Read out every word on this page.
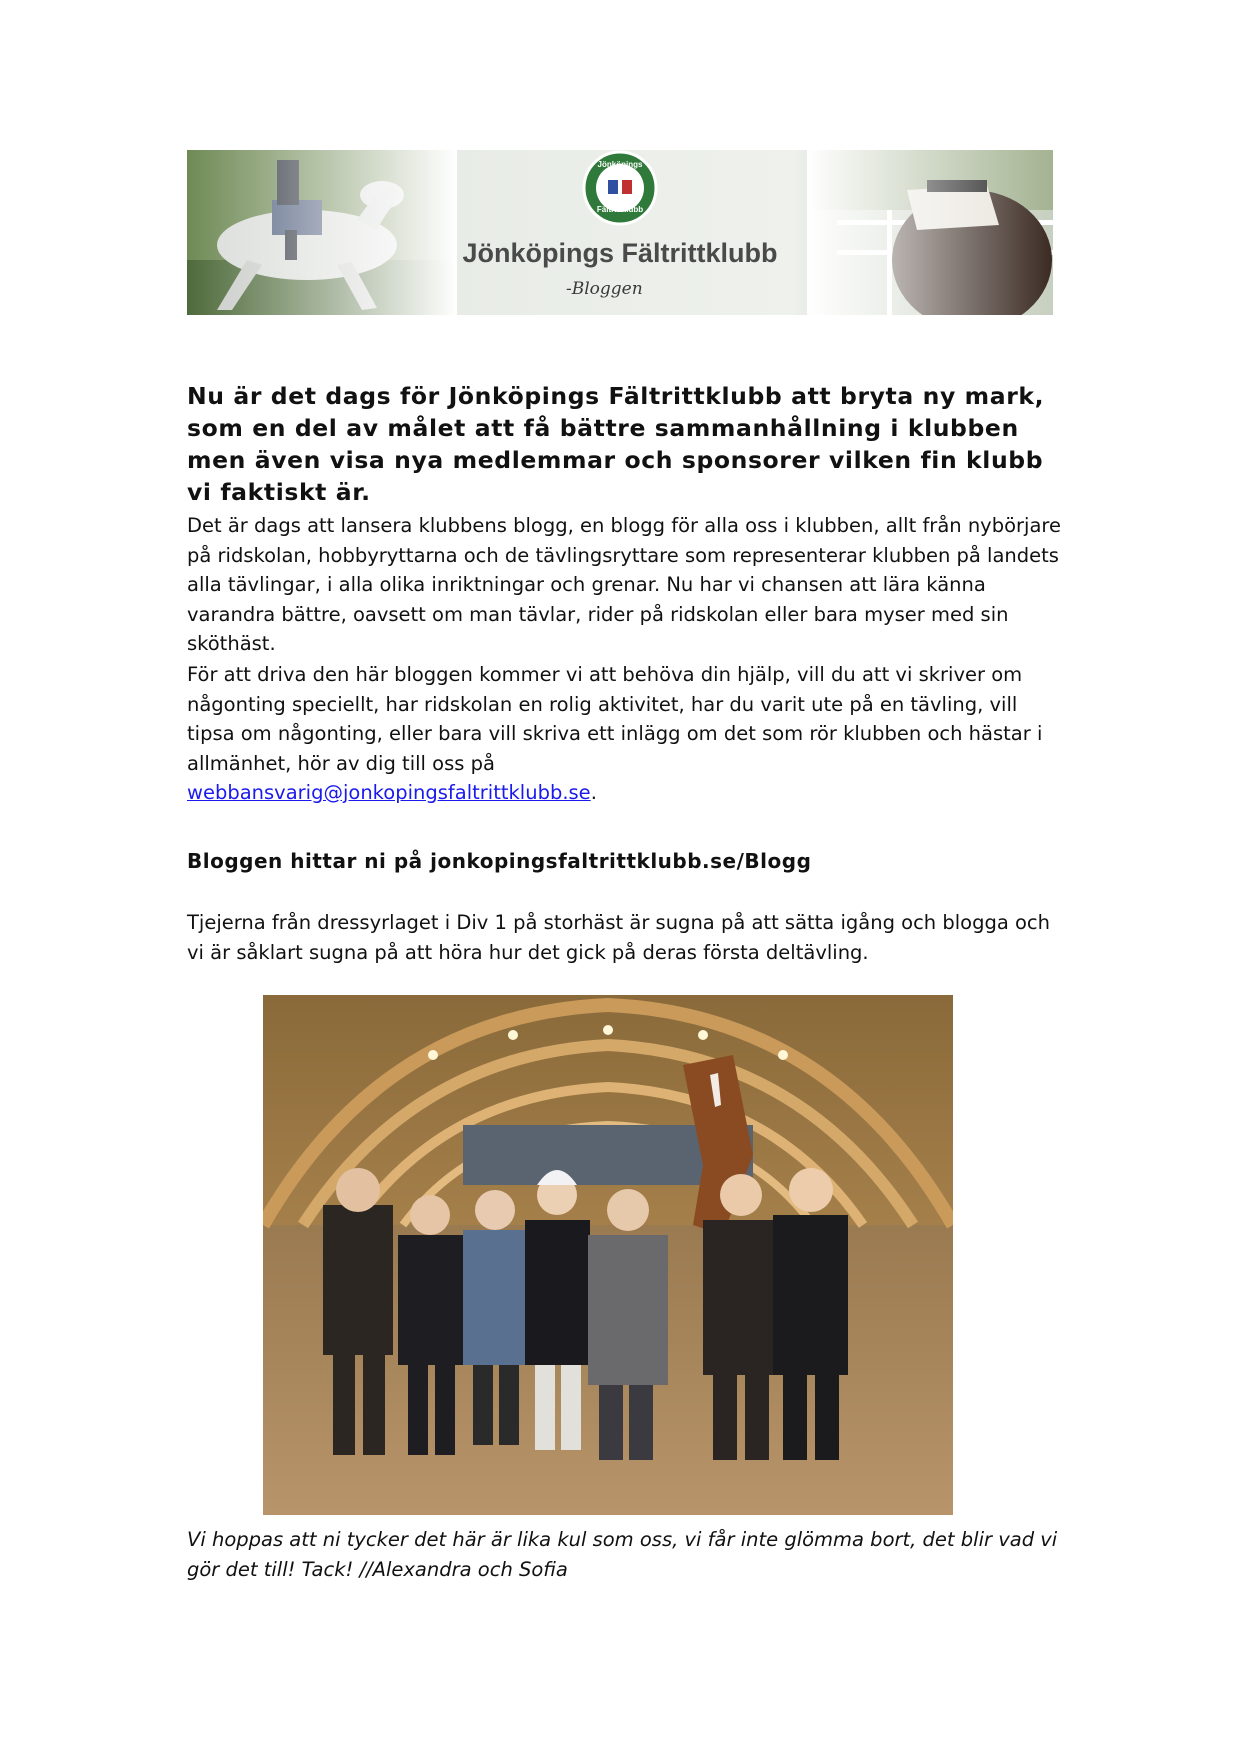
Jönköpings
Fältrittklubb
Jönköpings Fältrittklubb
-Bloggen

Nu är det dags för Jönköpings Fältrittklubb att bryta ny mark, som en del av målet att få bättre sammanhållning i klubben men även visa nya medlemmar och sponsorer vilken fin klubb vi faktiskt är.

Det är dags att lansera klubbens blogg, en blogg för alla oss i klubben, allt från nybörjare på ridskolan, hobbyryttarna och de tävlingsryttare som representerar klubben på landets alla tävlingar, i alla olika inriktningar och grenar. Nu har vi chansen att lära känna varandra bättre, oavsett om man tävlar, rider på ridskolan eller bara myser med sin sköthäst.

För att driva den här bloggen kommer vi att behöva din hjälp, vill du att vi skriver om någonting speciellt, har ridskolan en rolig aktivitet, har du varit ute på en tävling, vill tipsa om någonting, eller bara vill skriva ett inlägg om det som rör klubben och hästar i allmänhet, hör av dig till oss på
webbansvarig@jonkopingsfaltrittklubb.se.

Bloggen hittar ni på jonkopingsfaltrittklubb.se/Blogg

Tjejerna från dressyrlaget i Div 1 på storhäst är sugna på att sätta igång och blogga och vi är såklart sugna på att höra hur det gick på deras första deltävling.

Vi hoppas att ni tycker det här är lika kul som oss, vi får inte glömma bort, det blir vad vi gör det till! Tack! //Alexandra och Sofia
